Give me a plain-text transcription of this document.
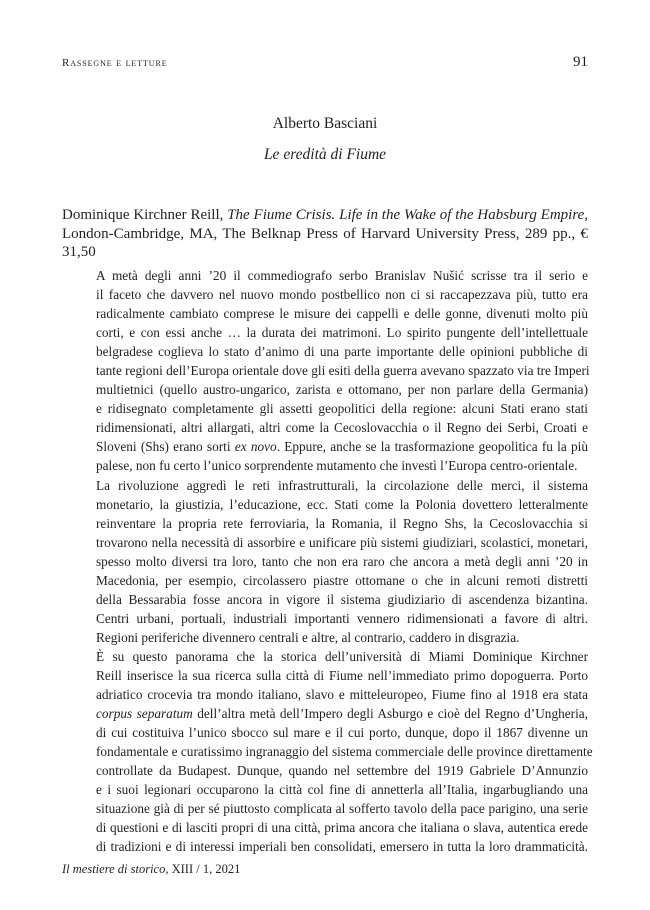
Rassegne e letture	91
Alberto Basciani
Le eredità di Fiume
Dominique Kirchner Reill, The Fiume Crisis. Life in the Wake of the Habsburg Empire, London-Cambridge, MA, The Belknap Press of Harvard University Press, 289 pp., € 31,50

A metà degli anni ’20 il commediografo serbo Branislav Nušić scrisse tra il serio e
il faceto che davvero nel nuovo mondo postbellico non ci si raccapezzava più, tutto era
radicalmente cambiato comprese le misure dei cappelli e delle gonne, divenuti molto più
corti, e con essi anche … la durata dei matrimoni. Lo spirito pungente dell’intellettuale
belgradese coglieva lo stato d’animo di una parte importante delle opinioni pubbliche di
tante regioni dell’Europa orientale dove gli esiti della guerra avevano spazzato via tre Imperi
multietnici (quello austro-ungarico, zarista e ottomano, per non parlare della Germania)
e ridisegnato completamente gli assetti geopolitici della regione: alcuni Stati erano stati
ridimensionati, altri allargati, altri come la Cecoslovacchia o il Regno dei Serbi, Croati e
Sloveni (Shs) erano sorti ex novo. Eppure, anche se la trasformazione geopolitica fu la più
palese, non fu certo l’unico sorprendente mutamento che investì l’Europa centro-orientale.

La rivoluzione aggredì le reti infrastrutturali, la circolazione delle merci, il sistema
monetario, la giustizia, l’educazione, ecc. Stati come la Polonia dovettero letteralmente
reinventare la propria rete ferroviaria, la Romania, il Regno Shs, la Cecoslovacchia si
trovarono nella necessità di assorbire e unificare più sistemi giudiziari, scolastici, monetari,
spesso molto diversi tra loro, tanto che non era raro che ancora a metà degli anni ’20 in
Macedonia, per esempio, circolassero piastre ottomane o che in alcuni remoti distretti
della Bessarabia fosse ancora in vigore il sistema giudiziario di ascendenza bizantina.
Centri urbani, portuali, industriali importanti vennero ridimensionati a favore di altri.
Regioni periferiche divennero centrali e altre, al contrario, caddero in disgrazia.

È su questo panorama che la storica dell’università di Miami Dominique Kirchner
Reill inserisce la sua ricerca sulla città di Fiume nell’immediato primo dopoguerra. Porto
adriatico crocevia tra mondo italiano, slavo e mitteleuropeo, Fiume fino al 1918 era stata
corpus separatum dell’altra metà dell’Impero degli Asburgo e cioè del Regno d’Ungheria,
di cui costituiva l’unico sbocco sul mare e il cui porto, dunque, dopo il 1867 divenne un
fondamentale e curatissimo ingranaggio del sistema commerciale delle province direttamente
controllate da Budapest. Dunque, quando nel settembre del 1919 Gabriele D’Annunzio
e i suoi legionari occuparono la città col fine di annetterla all’Italia, ingarbugliando una
situazione già di per sé piuttosto complicata al sofferto tavolo della pace parigino, una serie
di questioni e di lasciti propri di una città, prima ancora che italiana o slava, autentica erede
di tradizioni e di interessi imperiali ben consolidati, emersero in tutta la loro drammaticità.

Il mestiere di storico, XIII / 1, 2021
